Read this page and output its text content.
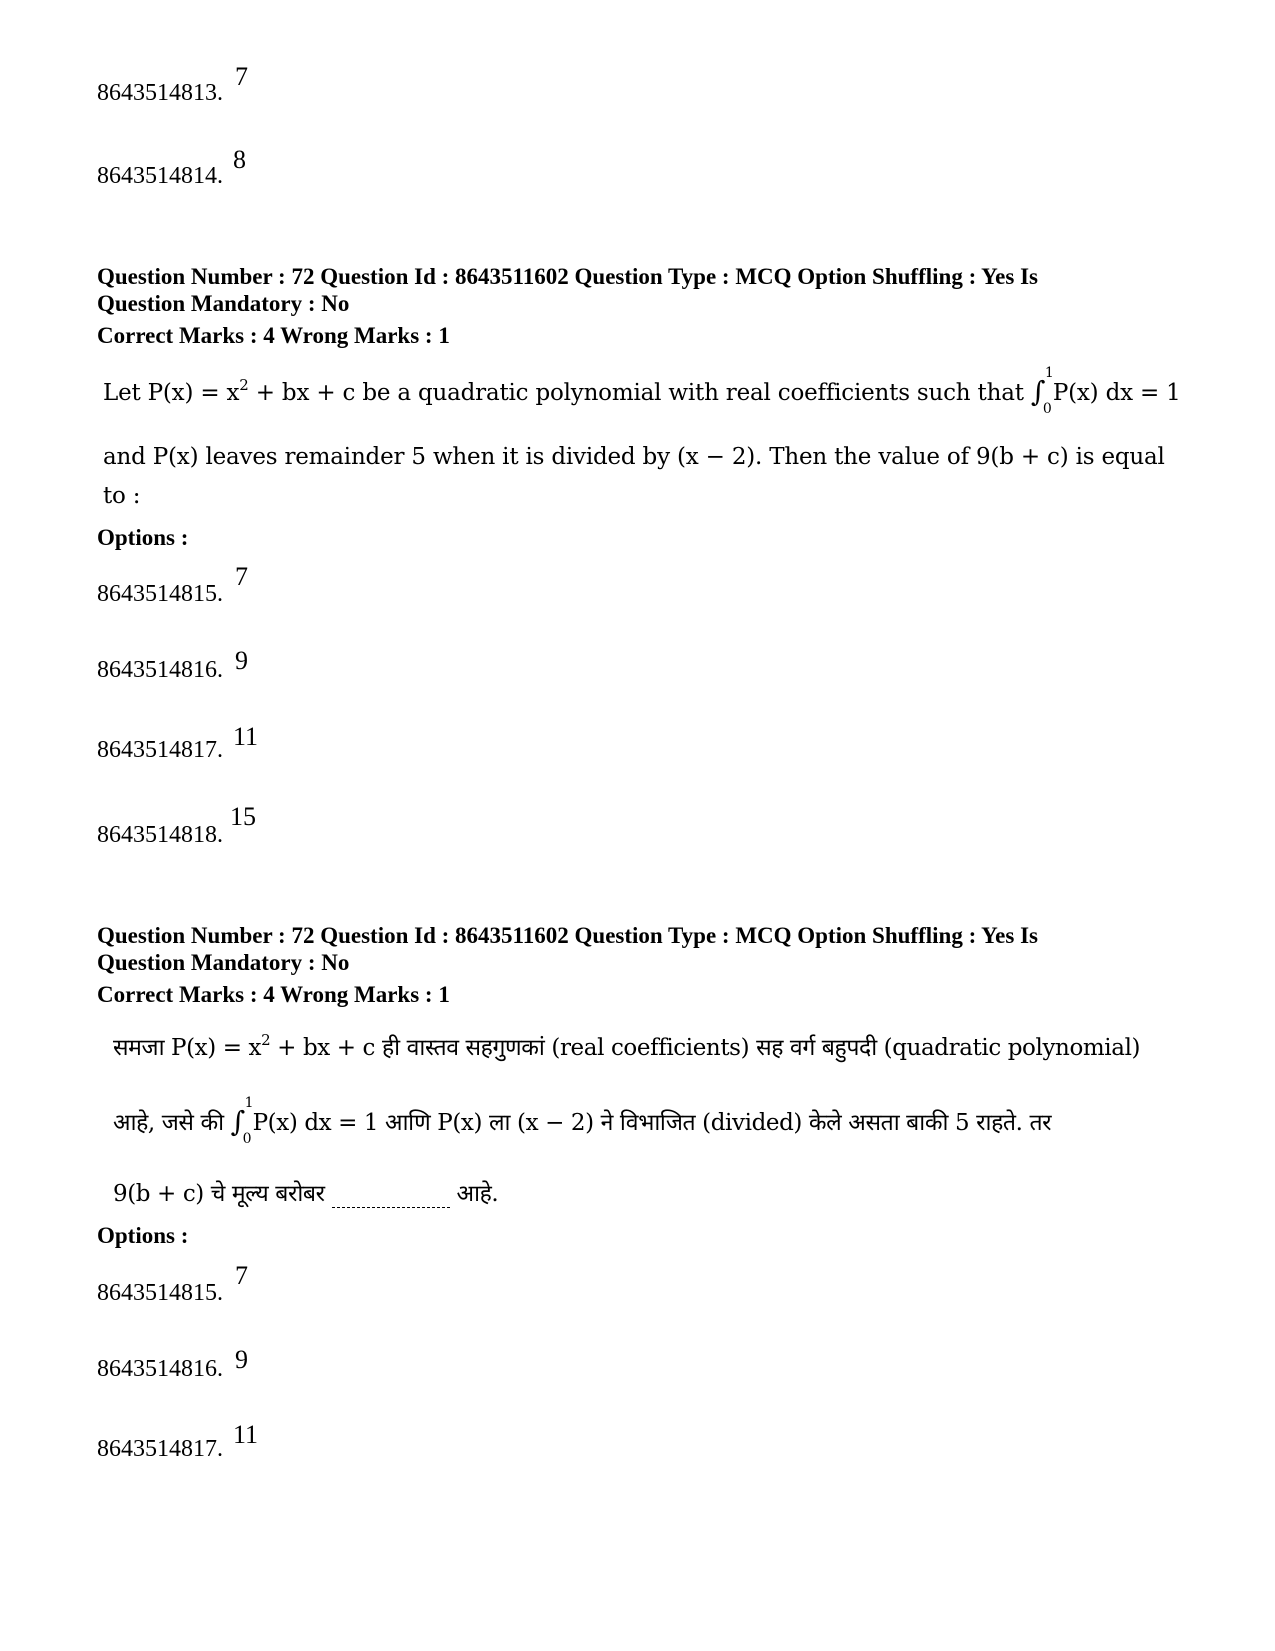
8643514813.
7
8643514814.
8
Question Number : 72 Question Id : 8643511602 Question Type : MCQ Option Shuffling : Yes Is
Question Mandatory : No
Correct Marks : 4 Wrong Marks : 1
Let $P(x) = x^2$ + bx + c be a quadratic polynomial with real coefficients such that ∫
1
0
P(x) dx = 1
and P(x) leaves remainder 5 when it is divided by (x − 2). Then the value of 9(b + c) is equal
to :
Options :
8643514815.
7
8643514816. 9
8643514817. 11
8643514818.
15
Question Number : 72 Question Id : 8643511602 Question Type : MCQ Option Shuffling : Yes Is
Question Mandatory : No
Correct Marks : 4 Wrong Marks : 1
समजा $P(x) = x^2$ + bx + c ही वास्तव सहगुणकां (real coefficients) सह वर्ग बहुपदी (quadratic polynomial)
आहे, जसे की ∫
1
0
P(x) dx = 1 आणि P(x) ला (x − 2) ने विभाजित (divided) केले असता बाकी 5 राहते. तर
9(b + c) चे मूल्य बरोबर	आहे.
Options :
8643514815.
7
8643514816. 9
8643514817. 11
